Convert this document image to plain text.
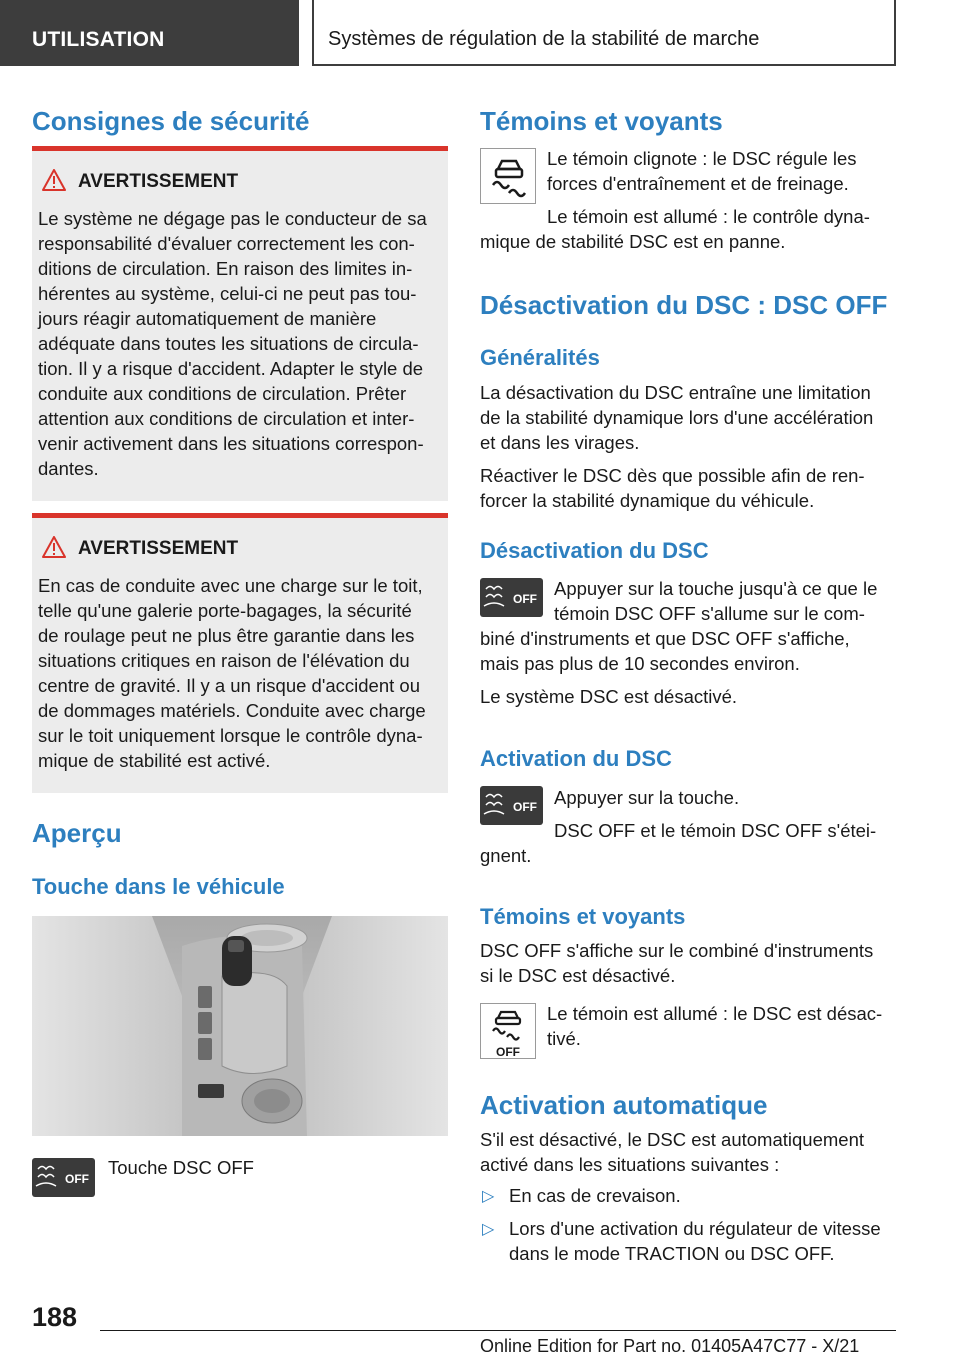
UTILISATION	Systèmes de régulation de la stabilité de marche
Consignes de sécurité
AVERTISSEMENT
Le système ne dégage pas le conducteur de sa
responsabilité d'évaluer correctement les con-
ditions de circulation. En raison des limites in-
hérentes au système, celui-ci ne peut pas tou-
jours réagir automatiquement de manière
adéquate dans toutes les situations de circula-
tion. Il y a risque d'accident. Adapter le style de
conduite aux conditions de circulation. Prêter
attention aux conditions de circulation et inter-
venir activement dans les situations correspon-
dantes.
AVERTISSEMENT
En cas de conduite avec une charge sur le toit,
telle qu'une galerie porte-bagages, la sécurité
de roulage peut ne plus être garantie dans les
situations critiques en raison de l'élévation du
centre de gravité. Il y a un risque d'accident ou
de dommages matériels. Conduite avec charge
sur le toit uniquement lorsque le contrôle dyna-
mique de stabilité est activé.
Aperçu
Touche dans le véhicule
OFF
Touche DSC OFF
Témoins et voyants
Le témoin clignote : le DSC régule les
forces d'entraînement et de freinage.
Le témoin est allumé : le contrôle dyna-
mique de stabilité DSC est en panne.
Désactivation du DSC : DSC OFF
Généralités
La désactivation du DSC entraîne une limitation
de la stabilité dynamique lors d'une accélération
et dans les virages.
Réactiver le DSC dès que possible afin de ren-
forcer la stabilité dynamique du véhicule.
Désactivation du DSC
OFF Appuyer sur la touche jusqu'à ce que le
témoin DSC OFF s'allume sur le com-
biné d'instruments et que DSC OFF s'affiche,
mais pas plus de 10 secondes environ.
Le système DSC est désactivé.
Activation du DSC
OFF Appuyer sur la touche.
DSC OFF et le témoin DSC OFF s'étei-
gnent.
Témoins et voyants
DSC OFF s'affiche sur le combiné d'instruments
si le DSC est désactivé.
OFF
Le témoin est allumé : le DSC est désac-
tivé.
Activation automatique
S'il est désactivé, le DSC est automatiquement
activé dans les situations suivantes :
▷ En cas de crevaison.
▷ Lors d'une activation du régulateur de vitesse
dans le mode TRACTION ou DSC OFF.
188
Online Edition for Part no. 01405A47C77 - X/21
